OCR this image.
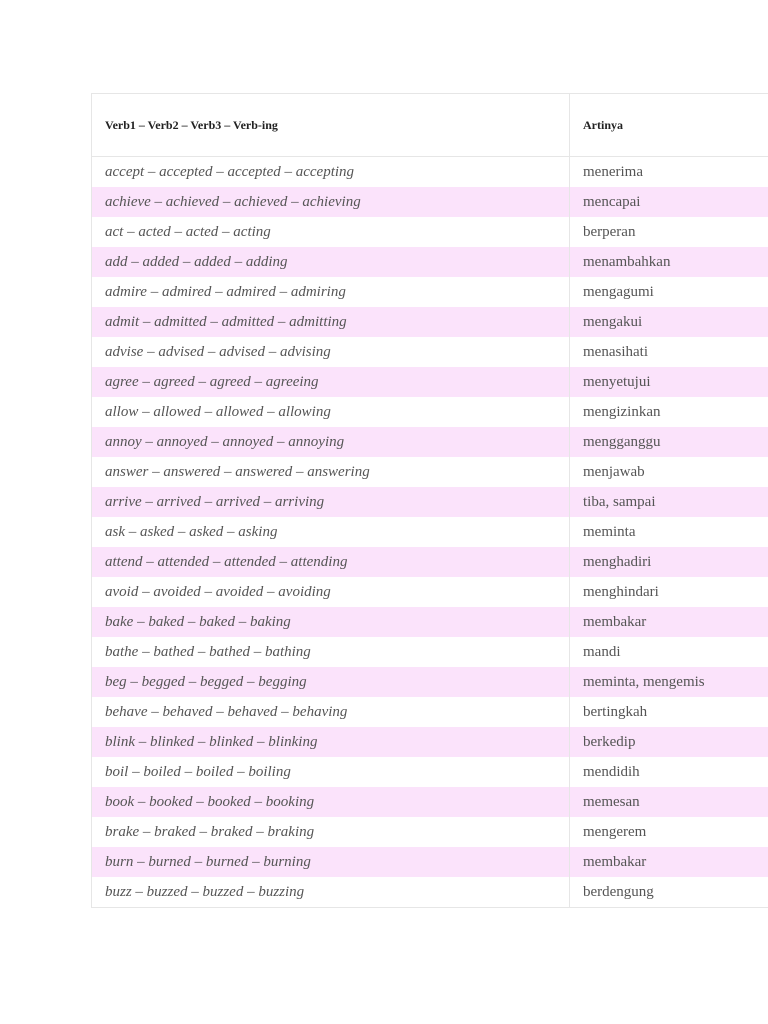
Verb1 – Verb2 – Verb3 – Verb-ing	Artinya
accept – accepted – accepted – accepting	menerima
achieve – achieved – achieved – achieving	mencapai
act – acted – acted – acting	berperan
add – added – added – adding	menambahkan
admire – admired – admired – admiring	mengagumi
admit – admitted – admitted – admitting	mengakui
advise – advised – advised – advising	menasihati
agree – agreed – agreed – agreeing	menyetujui
allow – allowed – allowed – allowing	mengizinkan
annoy – annoyed – annoyed – annoying	mengganggu
answer – answered – answered – answering	menjawab
arrive – arrived – arrived – arriving	tiba, sampai
ask – asked – asked – asking	meminta
attend – attended – attended – attending	menghadiri
avoid – avoided – avoided – avoiding	menghindari
bake – baked – baked – baking	membakar
bathe – bathed – bathed – bathing	mandi
beg – begged – begged – begging	meminta, mengemis
behave – behaved – behaved – behaving	bertingkah
blink – blinked – blinked – blinking	berkedip
boil – boiled – boiled – boiling	mendidih
book – booked – booked – booking	memesan
brake – braked – braked – braking	mengerem
burn – burned – burned – burning	membakar
buzz – buzzed – buzzed – buzzing	berdengung
